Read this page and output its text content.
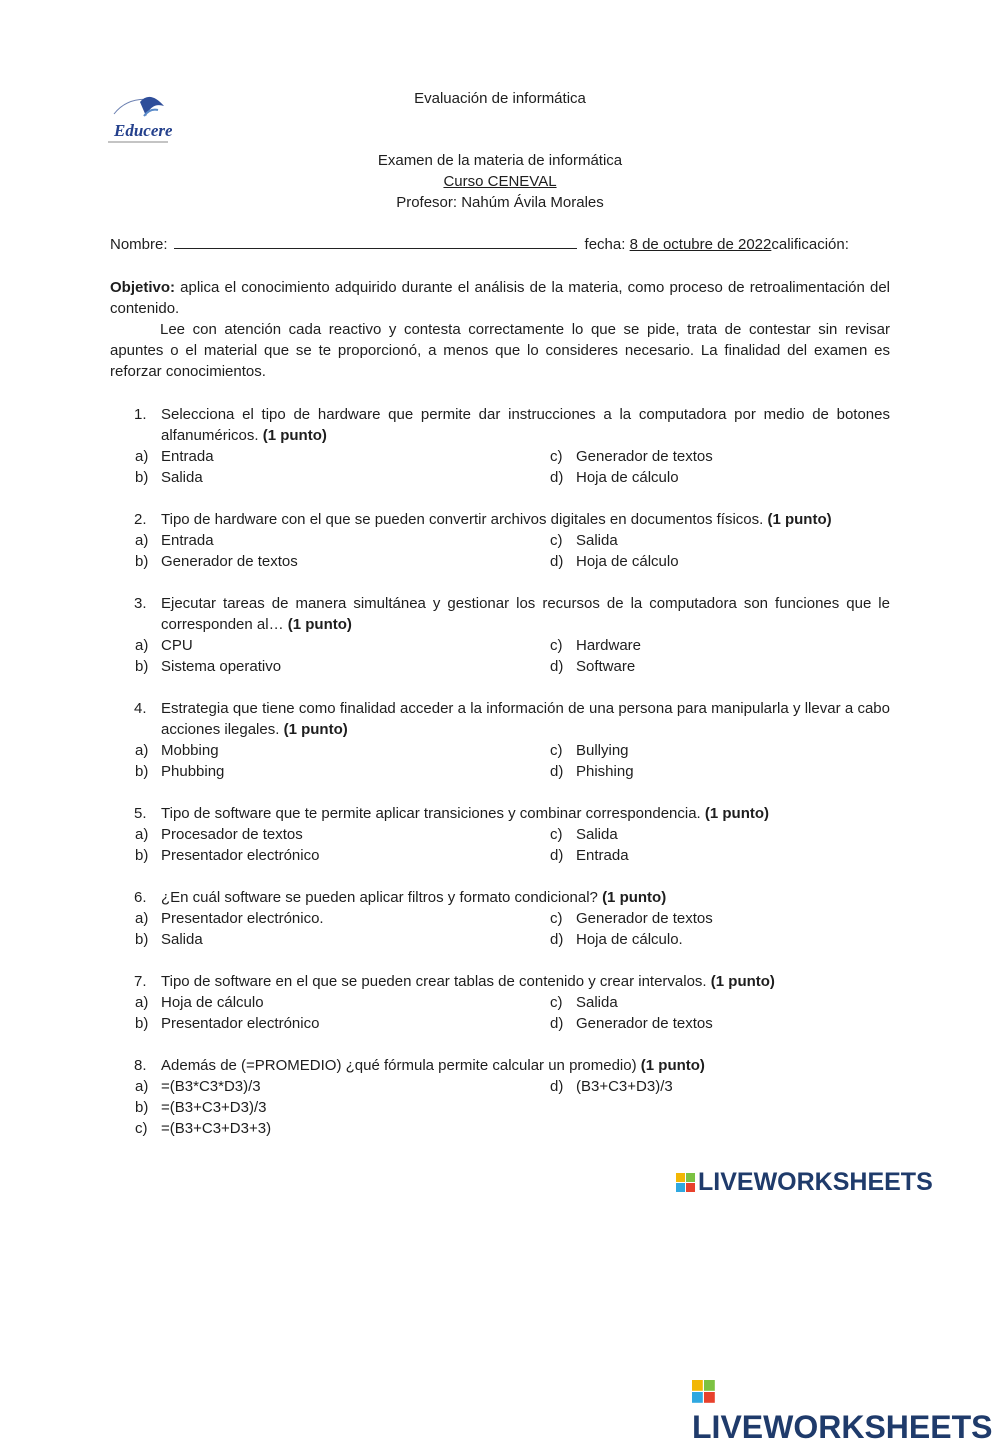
Educere
Evaluación de informática
Examen de la materia de informática
Curso CENEVAL
Profesor: Nahúm Ávila Morales
Nombre:	fecha: 8 de octubre de 2022calificación:
Objetivo: aplica el conocimiento adquirido durante el análisis de la materia, como proceso de retroalimentación del contenido.
Lee con atención cada reactivo y contesta correctamente lo que se pide, trata de contestar sin revisar apuntes o el material que se te proporcionó, a menos que lo consideres necesario. La finalidad del examen es reforzar conocimientos.
1. Selecciona el tipo de hardware que permite dar instrucciones a la computadora por medio de botones alfanuméricos. (1 punto)
a) Entrada
b) Salida
c) Generador de textos
d) Hoja de cálculo
2. Tipo de hardware con el que se pueden convertir archivos digitales en documentos físicos. (1 punto)
a) Entrada
b) Generador de textos
c) Salida
d) Hoja de cálculo
3. Ejecutar tareas de manera simultánea y gestionar los recursos de la computadora son funciones que le corresponden al… (1 punto)
a) CPU
b) Sistema operativo
c) Hardware
d) Software
4. Estrategia que tiene como finalidad acceder a la información de una persona para manipularla y llevar a cabo acciones ilegales. (1 punto)
a) Mobbing
b) Phubbing
c) Bullying
d) Phishing
5. Tipo de software que te permite aplicar transiciones y combinar correspondencia. (1 punto)
a) Procesador de textos
b) Presentador electrónico
c) Salida
d) Entrada
6. ¿En cuál software se pueden aplicar filtros y formato condicional? (1 punto)
a) Presentador electrónico.
b) Salida
c) Generador de textos
d) Hoja de cálculo.
7. Tipo de software en el que se pueden crear tablas de contenido y crear intervalos. (1 punto)
a) Hoja de cálculo
b) Presentador electrónico
c) Salida
d) Generador de textos
8. Además de (=PROMEDIO) ¿qué fórmula permite calcular un promedio) (1 punto)
a) =(B3*C3*D3)/3
b) =(B3+C3+D3)/3
c) =(B3+C3+D3+3)
d) (B3+C3+D3)/3
LIVEWORKSHEETS
LIVEWORKSHEETS
